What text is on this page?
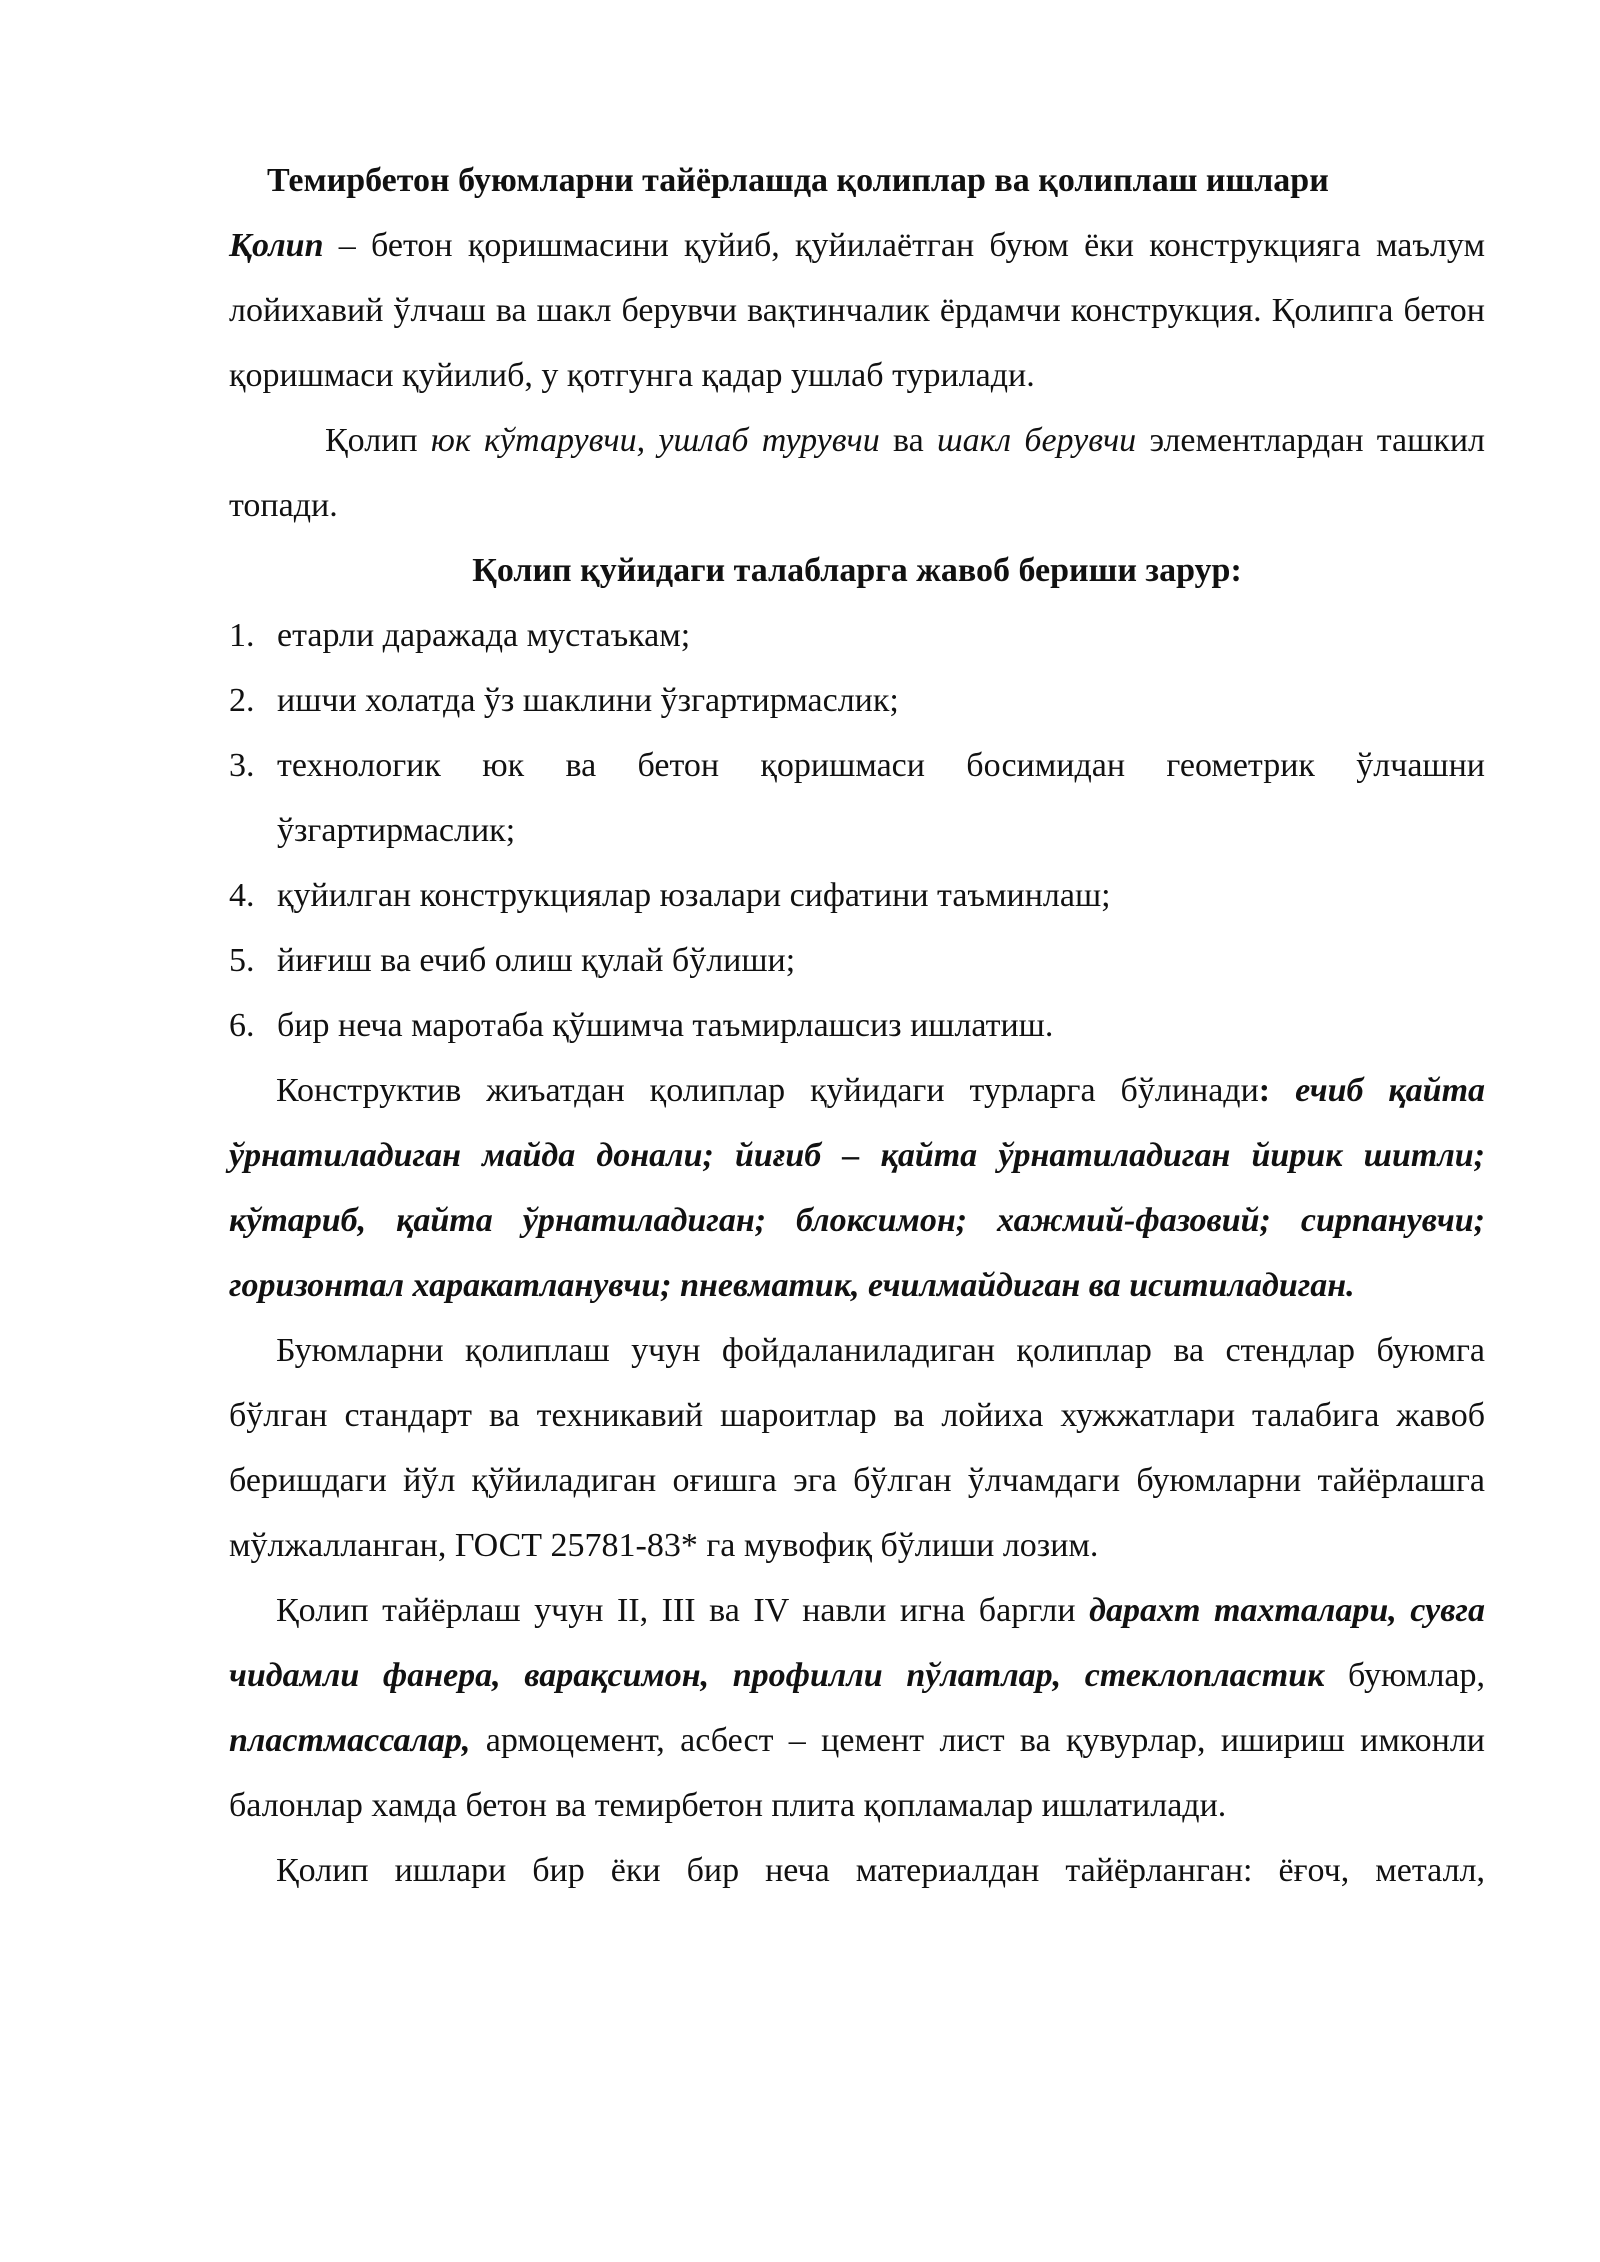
Темирбетон буюмларни тайёрлашда қолиплар ва қолиплаш ишлари

Қолип – бетон қоришмасини қуйиб, қуйилаётган буюм ёки конструкцияга маълум лойихавий ўлчаш ва шакл берувчи вақтинчалик ёрдамчи конструкция. Қолипга бетон қоришмаси қуйилиб, у қотгунга қадар ушлаб турилади.

Қолип юк кўтарувчи, ушлаб турувчи ва шакл берувчи элементлардан ташкил топади.

Қолип қуйидаги талабларга жавоб бериши зарур:

1. етарли даражада мустаъкам;
2. ишчи холатда ўз шаклини ўзгартирмаслик;
3. технологик юк ва бетон қоришмаси босимидан геометрик ўлчашни ўзгартирмаслик;
4. қуйилган конструкциялар юзалари сифатини таъминлаш;
5. йиғиш ва ечиб олиш қулай бўлиши;
6. бир неча маротаба қўшимча таъмирлашсиз ишлатиш.

Конструктив жиъатдан қолиплар қуйидаги турларга бўлинади: ечиб қайта ўрнатиладиган майда донали; йиғиб – қайта ўрнатиладиган йирик шитли; кўтариб, қайта ўрнатиладиган; блоксимон; хажмий-фазовий; сирпанувчи; горизонтал харакатланувчи; пневматик, ечилмайдиган ва иситиладиган.

Буюмларни қолиплаш учун фойдаланиладиган қолиплар ва стендлар буюмга бўлган стандарт ва техникавий шароитлар ва лойиха хужжатлари талабига жавоб беришдаги йўл қўйиладиган оғишга эга бўлган ўлчамдаги буюмларни тайёрлашга мўлжалланган, ГОСТ 25781-83* га мувофиқ бўлиши лозим.

Қолип тайёрлаш учун II, III ва IV навли игна баргли дарахт тахталари, сувга чидамли фанера, варақсимон, профилли пўлатлар, стеклопластик буюмлар, пластмассалар, армоцемент, асбест – цемент лист ва қувурлар, ишириш имконли балонлар хамда бетон ва темирбетон плита қопламалар ишлатилади.

Қолип ишлари бир ёки бир неча материалдан тайёрланган: ёғоч, металл,
